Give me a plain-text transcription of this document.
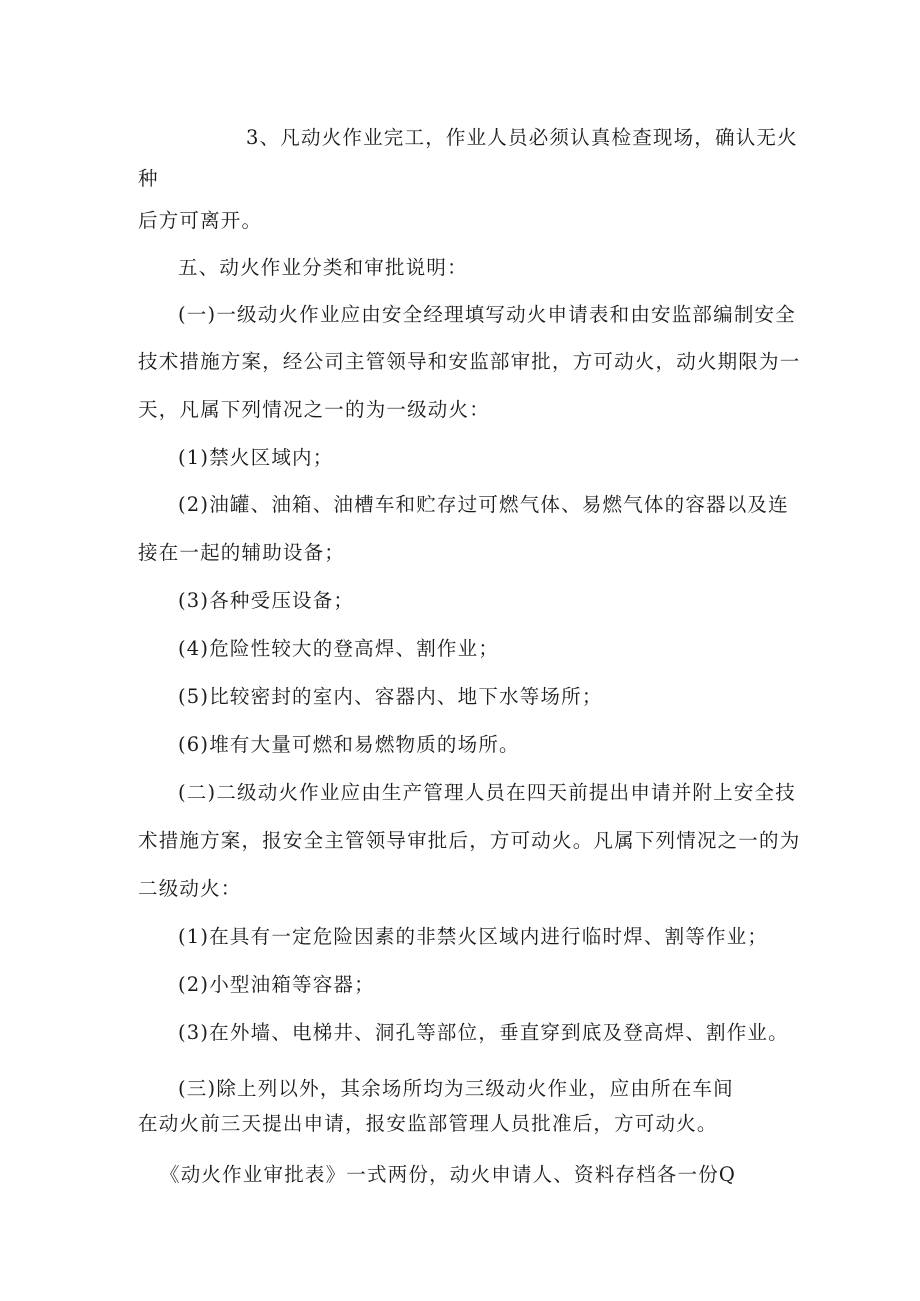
3、凡动火作业完工，作业人员必须认真检查现场，确认无火
种
后方可离开。
五、动火作业分类和审批说明：
(一)一级动火作业应由安全经理填写动火申请表和由安监部编制安全
技术措施方案，经公司主管领导和安监部审批，方可动火，动火期限为一
天，凡属下列情况之一的为一级动火：
(1)禁火区域内；
(2)油罐、油箱、油槽车和贮存过可燃气体、易燃气体的容器以及连
接在一起的辅助设备；
(3)各种受压设备；
(4)危险性较大的登高焊、割作业；
(5)比较密封的室内、容器内、地下水等场所；
(6)堆有大量可燃和易燃物质的场所。
(二)二级动火作业应由生产管理人员在四天前提出申请并附上安全技
术措施方案，报安全主管领导审批后，方可动火。凡属下列情况之一的为
二级动火：
(1)在具有一定危险因素的非禁火区域内进行临时焊、割等作业；
(2)小型油箱等容器；
(3)在外墙、电梯井、洞孔等部位，垂直穿到底及登高焊、割作业。
(三)除上列以外，其余场所均为三级动火作业，应由所在车间
在动火前三天提出申请，报安监部管理人员批准后，方可动火。
《动火作业审批表》一式两份，动火申请人、资料存档各一份Q
